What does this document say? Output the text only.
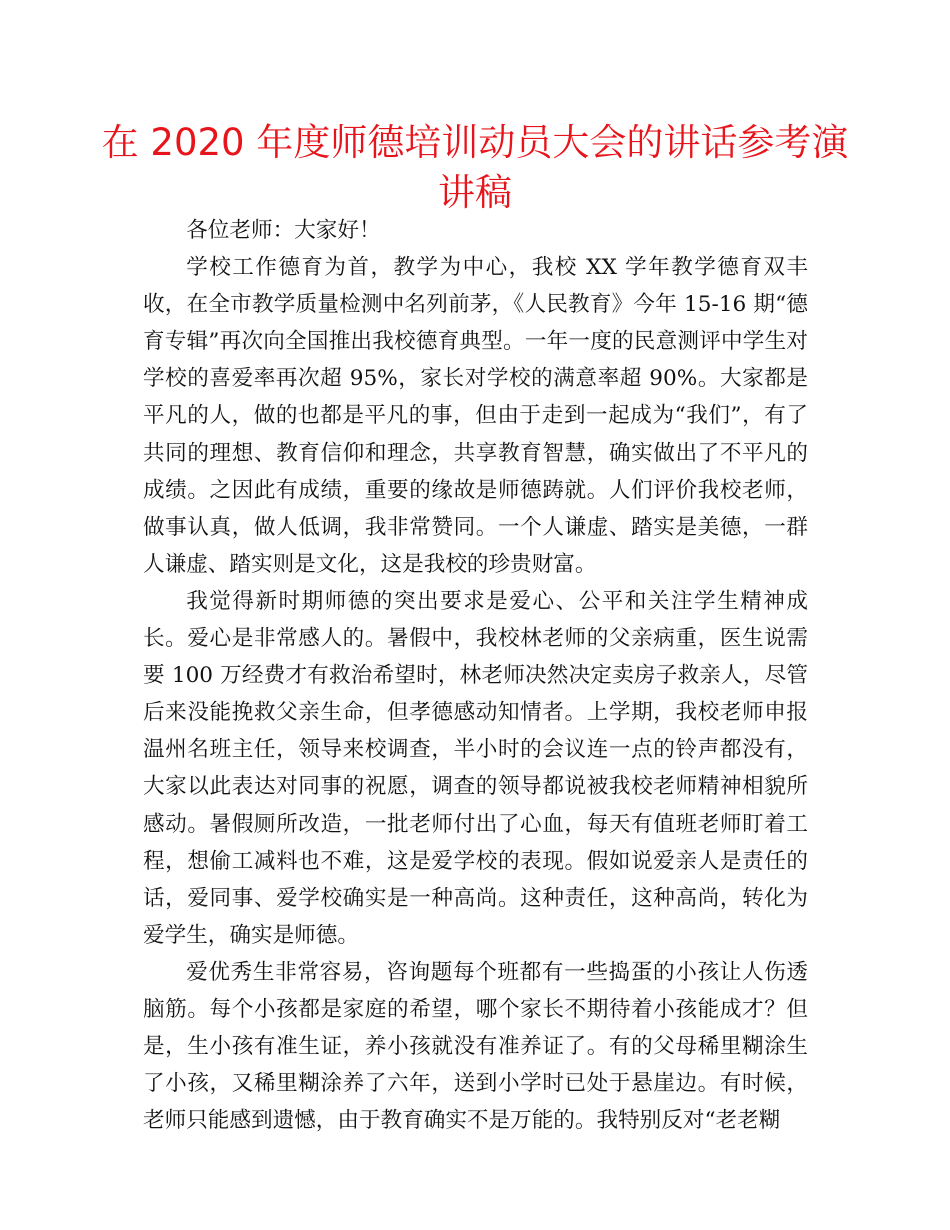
在 2020 年度师德培训动员大会的讲话参考演讲稿

各位老师：大家好！

学校工作德育为首，教学为中心，我校 XX 学年教学德育双丰收，在全市教学质量检测中名列前茅，《人民教育》今年 15-16 期“德育专辑”再次向全国推出我校德育典型。一年一度的民意测评中学生对学校的喜爱率再次超 95%，家长对学校的满意率超 90%。大家都是平凡的人，做的也都是平凡的事，但由于走到一起成为“我们”，有了共同的理想、教育信仰和理念，共享教育智慧，确实做出了不平凡的成绩。之因此有成绩，重要的缘故是师德踌就。人们评价我校老师，做事认真，做人低调，我非常赞同。一个人谦虚、踏实是美德，一群人谦虚、踏实则是文化，这是我校的珍贵财富。

我觉得新时期师德的突出要求是爱心、公平和关注学生精神成长。爱心是非常感人的。暑假中，我校林老师的父亲病重，医生说需要 100 万经费才有救治希望时，林老师决然决定卖房子救亲人，尽管后来没能挽救父亲生命，但孝德感动知情者。上学期，我校老师申报温州名班主任，领导来校调查，半小时的会议连一点的铃声都没有，大家以此表达对同事的祝愿，调查的领导都说被我校老师精神相貌所感动。暑假厕所改造，一批老师付出了心血，每天有值班老师盯着工程，想偷工减料也不难，这是爱学校的表现。假如说爱亲人是责任的话，爱同事、爱学校确实是一种高尚。这种责任，这种高尚，转化为爱学生，确实是师德。

爱优秀生非常容易，咨询题每个班都有一些捣蛋的小孩让人伤透脑筋。每个小孩都是家庭的希望，哪个家长不期待着小孩能成才？但是，生小孩有准生证，养小孩就没有准养证了。有的父母稀里糊涂生了小孩，又稀里糊涂养了六年，送到小学时已处于悬崖边。有时候，老师只能感到遗憾，由于教育确实不是万能的。我特别反对“老老糊
